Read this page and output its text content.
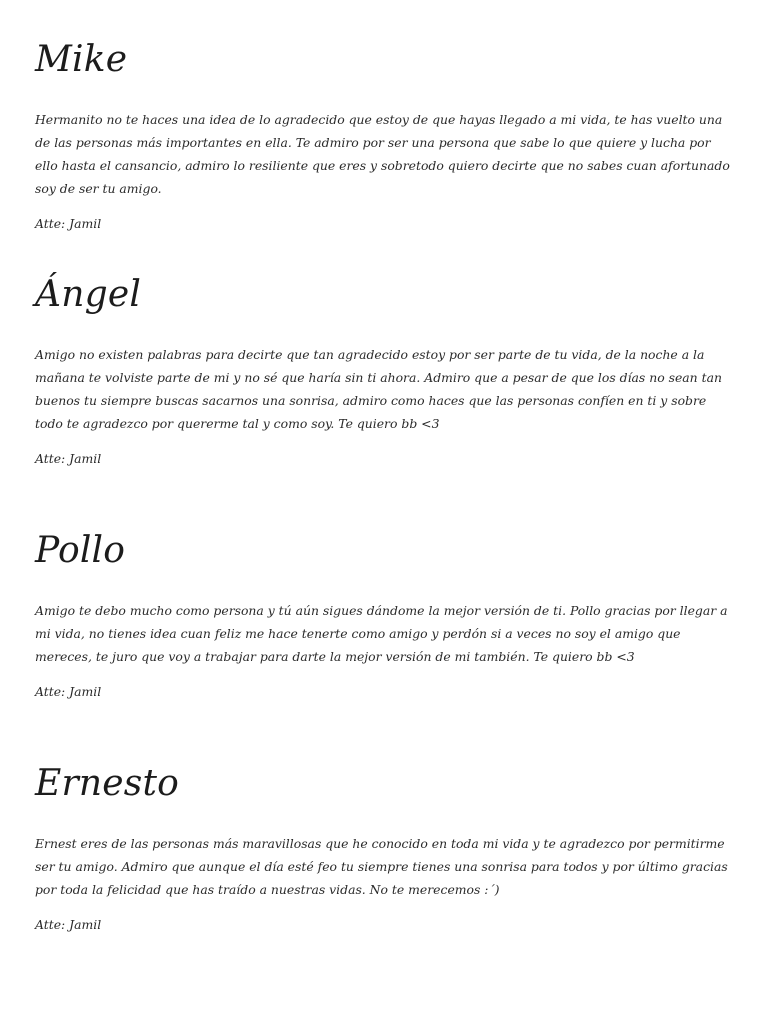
Mike

Hermanito no te haces una idea de lo agradecido que estoy de que hayas llegado a mi vida, te has vuelto una de las personas más importantes en ella. Te admiro por ser una persona que sabe lo que quiere y lucha por ello hasta el cansancio, admiro lo resiliente que eres y sobretodo quiero decirte que no sabes cuan afortunado soy de ser tu amigo.

Atte: Jamil

Ángel

Amigo no existen palabras para decirte que tan agradecido estoy por ser parte de tu vida, de la noche a la mañana te volviste parte de mi y no sé que haría sin ti ahora. Admiro que a pesar de que los días no sean tan buenos tu siempre buscas sacarnos una sonrisa, admiro como haces que las personas confíen en ti y sobre todo te agradezco por quererme tal y como soy. Te quiero bb <3

Atte: Jamil

Pollo

Amigo te debo mucho como persona y tú aún sigues dándome la mejor versión de ti. Pollo gracias por llegar a mi vida, no tienes idea cuan feliz me hace tenerte como amigo y perdón si a veces no soy el amigo que mereces, te juro que voy a trabajar para darte la mejor versión de mi también. Te quiero bb <3

Atte: Jamil

Ernesto

Ernest eres de las personas más maravillosas que he conocido en toda mi vida y te agradezco por permitirme ser tu amigo. Admiro que aunque el día esté feo tu siempre tienes una sonrisa para todos y por último gracias por toda la felicidad que has traído a nuestras vidas. No te merecemos :´)

Atte: Jamil
